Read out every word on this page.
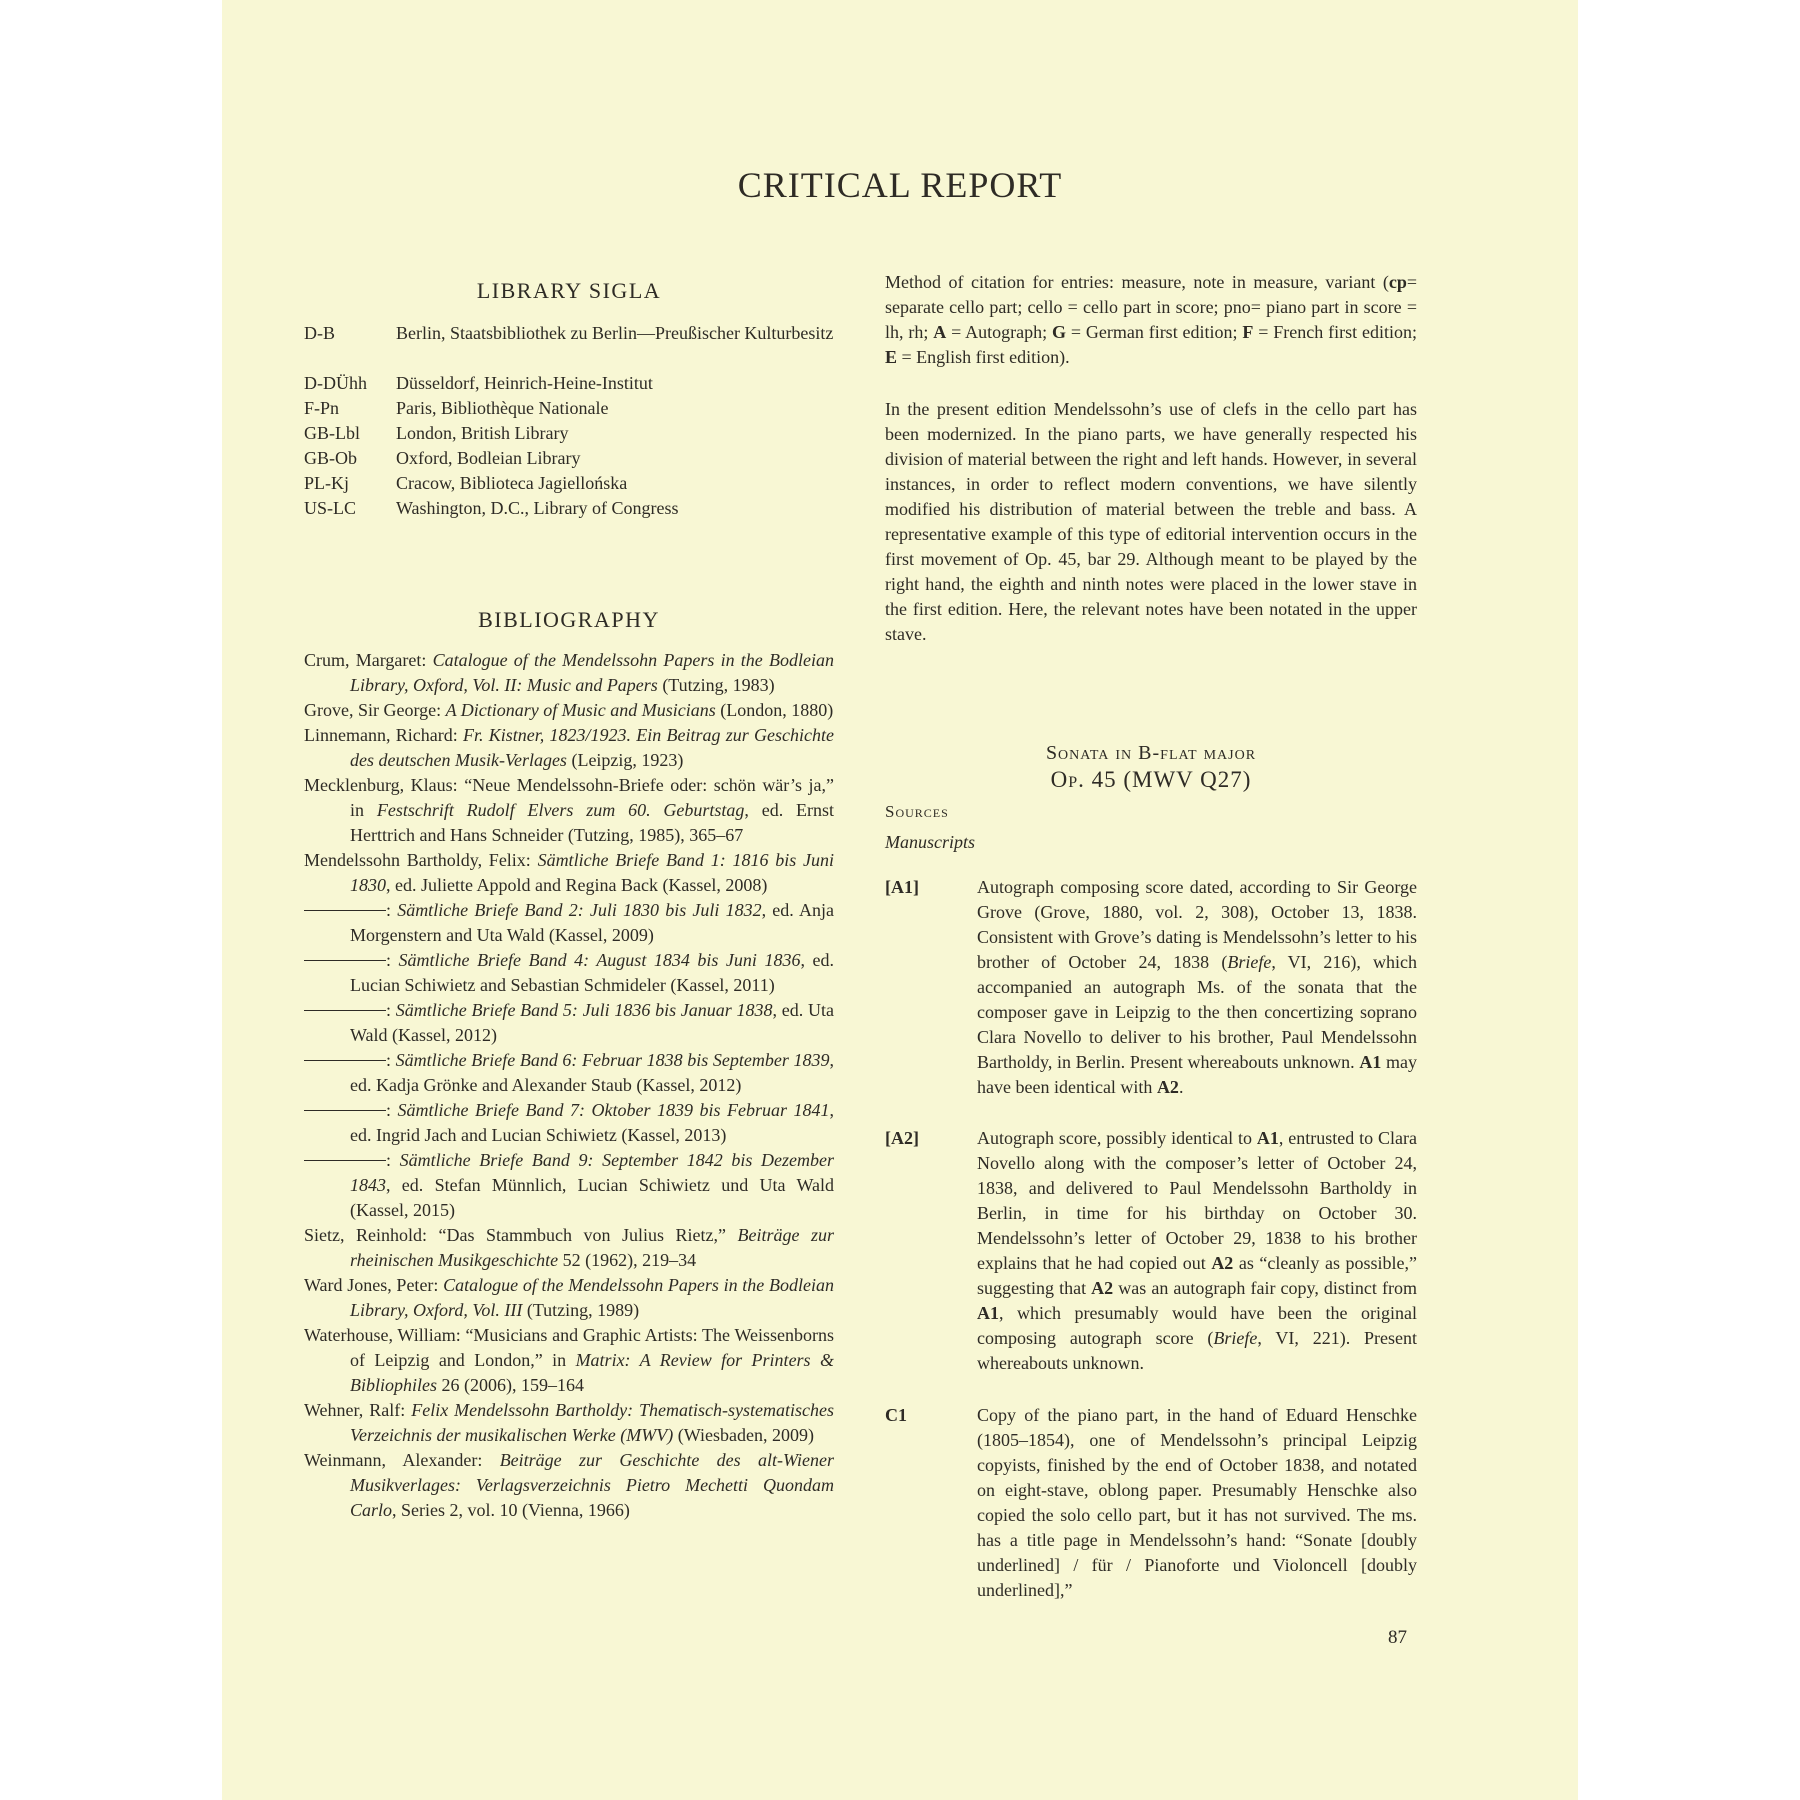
CRITICAL REPORT
LIBRARY SIGLA
D-B	Berlin, Staatsbibliothek zu Berlin—Preußischer Kulturbesitz
D-DÜhh	Düsseldorf, Heinrich-Heine-Institut
F-Pn	Paris, Bibliothèque Nationale
GB-Lbl	London, British Library
GB-Ob	Oxford, Bodleian Library
PL-Kj	Cracow, Biblioteca Jagiellońska
US-LC	Washington, D.C., Library of Congress
BIBLIOGRAPHY
Crum, Margaret: Catalogue of the Mendelssohn Papers in the Bodleian Library, Oxford, Vol. II: Music and Papers (Tutzing, 1983)
Grove, Sir George: A Dictionary of Music and Musicians (London, 1880)
Linnemann, Richard: Fr. Kistner, 1823/1923. Ein Beitrag zur Geschichte des deutschen Musik-Verlages (Leipzig, 1923)
Mecklenburg, Klaus: “Neue Mendelssohn-Briefe oder: schön wär’s ja,” in Festschrift Rudolf Elvers zum 60. Geburtstag, ed. Ernst Herttrich and Hans Schneider (Tutzing, 1985), 365–67
Mendelssohn Bartholdy, Felix: Sämtliche Briefe Band 1: 1816 bis Juni 1830, ed. Juliette Appold and Regina Back (Kassel, 2008)
: Sämtliche Briefe Band 2: Juli 1830 bis Juli 1832, ed. Anja Morgenstern and Uta Wald (Kassel, 2009)
: Sämtliche Briefe Band 4: August 1834 bis Juni 1836, ed. Lucian Schiwietz and Sebastian Schmideler (Kassel, 2011)
: Sämtliche Briefe Band 5: Juli 1836 bis Januar 1838, ed. Uta Wald (Kassel, 2012)
: Sämtliche Briefe Band 6: Februar 1838 bis September 1839, ed. Kadja Grönke and Alexander Staub (Kassel, 2012)
: Sämtliche Briefe Band 7: Oktober 1839 bis Februar 1841, ed. Ingrid Jach and Lucian Schiwietz (Kassel, 2013)
: Sämtliche Briefe Band 9: September 1842 bis Dezember 1843, ed. Stefan Münnlich, Lucian Schiwietz und Uta Wald (Kassel, 2015)
Sietz, Reinhold: “Das Stammbuch von Julius Rietz,” Beiträge zur rheinischen Musikgeschichte 52 (1962), 219–34
Ward Jones, Peter: Catalogue of the Mendelssohn Papers in the Bodleian Library, Oxford, Vol. III (Tutzing, 1989)
Waterhouse, William: “Musicians and Graphic Artists: The Weissenborns of Leipzig and London,” in Matrix: A Review for Printers & Bibliophiles 26 (2006), 159–164
Wehner, Ralf: Felix Mendelssohn Bartholdy: Thematisch-systematisches Verzeichnis der musikalischen Werke (MWV) (Wiesbaden, 2009)
Weinmann, Alexander: Beiträge zur Geschichte des alt-Wiener Musikverlages: Verlagsverzeichnis Pietro Mechetti Quondam Carlo, Series 2, vol. 10 (Vienna, 1966)
Method of citation for entries: measure, note in measure, variant (cp= separate cello part; cello = cello part in score; pno= piano part in score = lh, rh; A = Autograph; G = German first edition; F = French first edition; E = English first edition).
In the present edition Mendelssohn’s use of clefs in the cello part has been modernized. In the piano parts, we have generally respected his division of material between the right and left hands. However, in several instances, in order to reflect modern conventions, we have silently modified his distribution of material between the treble and bass. A representative example of this type of editorial intervention occurs in the first movement of Op. 45, bar 29. Although meant to be played by the right hand, the eighth and ninth notes were placed in the lower stave in the first edition. Here, the relevant notes have been notated in the upper stave.
Sonata in B-flat major
Op. 45 (MWV Q27)
Sources
Manuscripts
[A1]	Autograph composing score dated, according to Sir George Grove (Grove, 1880, vol. 2, 308), October 13, 1838. Consistent with Grove’s dating is Mendelssohn’s letter to his brother of October 24, 1838 (Briefe, VI, 216), which accompanied an autograph Ms. of the sonata that the composer gave in Leipzig to the then concertizing soprano Clara Novello to deliver to his brother, Paul Mendelssohn Bartholdy, in Berlin. Present whereabouts unknown. A1 may have been identical with A2.
[A2]	Autograph score, possibly identical to A1, entrusted to Clara Novello along with the composer’s letter of October 24, 1838, and delivered to Paul Mendelssohn Bartholdy in Berlin, in time for his birthday on October 30. Mendelssohn’s letter of October 29, 1838 to his brother explains that he had copied out A2 as “cleanly as possible,” suggesting that A2 was an autograph fair copy, distinct from A1, which presumably would have been the original composing autograph score (Briefe, VI, 221). Present whereabouts unknown.
C1	Copy of the piano part, in the hand of Eduard Henschke (1805–1854), one of Mendelssohn’s principal Leipzig copyists, finished by the end of October 1838, and notated on eight-stave, oblong paper. Presumably Henschke also copied the solo cello part, but it has not survived. The ms. has a title page in Mendelssohn’s hand: “Sonate [doubly underlined] / für / Pianoforte und Violoncell [doubly underlined],”
87
